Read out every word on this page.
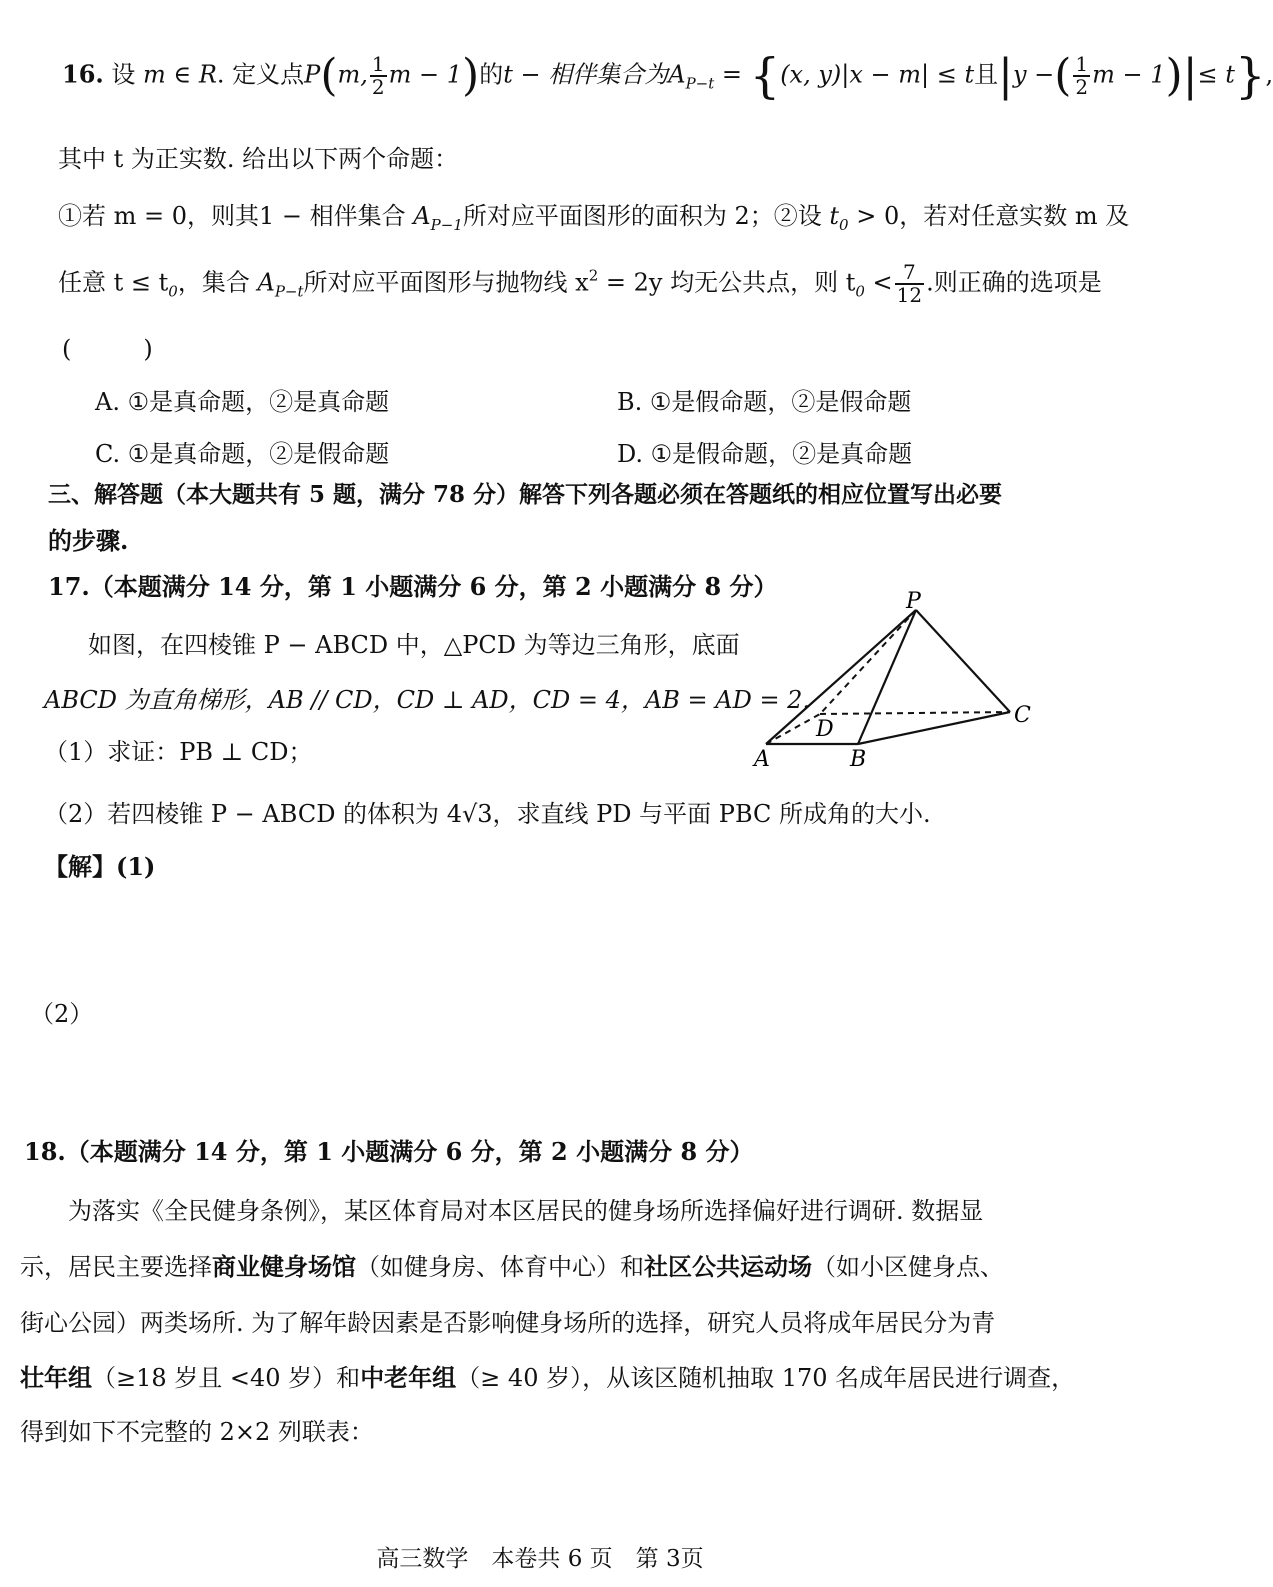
16. 设 m ∈ R. 定义点P(m, $\frac{1}{2}$ m − 1)的t − 相伴集合为$A_{P-t} = \{(x$, y)|x − m| ≤ t且|y −( $\frac{1}{2}$ m − 1)|≤ t},
其中 t 为正实数. 给出以下两个命题：
①若 m = 0，则其1 − 相伴集合 $A_{P-1}$所对应平面图形的面积为 2；②设 $t_0 > 0$，若对任意实数 m 及
任意 $t \le t_0$，集合 $A_{P-t}$所对应平面图形与抛物线 $x^2 = 2y$ 均无公共点，则 $t_0 < \frac{7}{12}$ .则正确的选项是
(　　　)
A. ①是真命题，②是真命题	B. ①是假命题，②是假命题
C. ①是真命题，②是假命题	D. ①是假命题，②是真命题
三、解答题（本大题共有 5 题，满分 78 分）解答下列各题必须在答题纸的相应位置写出必要
的步骤.
17.（本题满分 14 分，第 1 小题满分 6 分，第 2 小题满分 8 分）
如图，在四棱锥 P − ABCD 中，△PCD 为等边三角形，底面
ABCD 为直角梯形，AB // CD，CD ⊥ AD，CD = 4，AB = AD = 2.
（1）求证：PB ⊥ CD；
（2）若四棱锥 P − ABCD 的体积为 4√3，求直线 PD 与平面 PBC 所成角的大小.
【解】(1)
（2）
P
A	B
C
D
18.（本题满分 14 分，第 1 小题满分 6 分，第 2 小题满分 8 分）
为落实《全民健身条例》，某区体育局对本区居民的健身场所选择偏好进行调研. 数据显
示，居民主要选择商业健身场馆（如健身房、体育中心）和社区公共运动场（如小区健身点、
街心公园）两类场所. 为了解年龄因素是否影响健身场所的选择，研究人员将成年居民分为青
壮年组（≥18 岁且 <40 岁）和中老年组（≥ 40 岁），从该区随机抽取 170 名成年居民进行调查，
得到如下不完整的 2×2 列联表：
高三数学　本卷共 6 页　第 3页
